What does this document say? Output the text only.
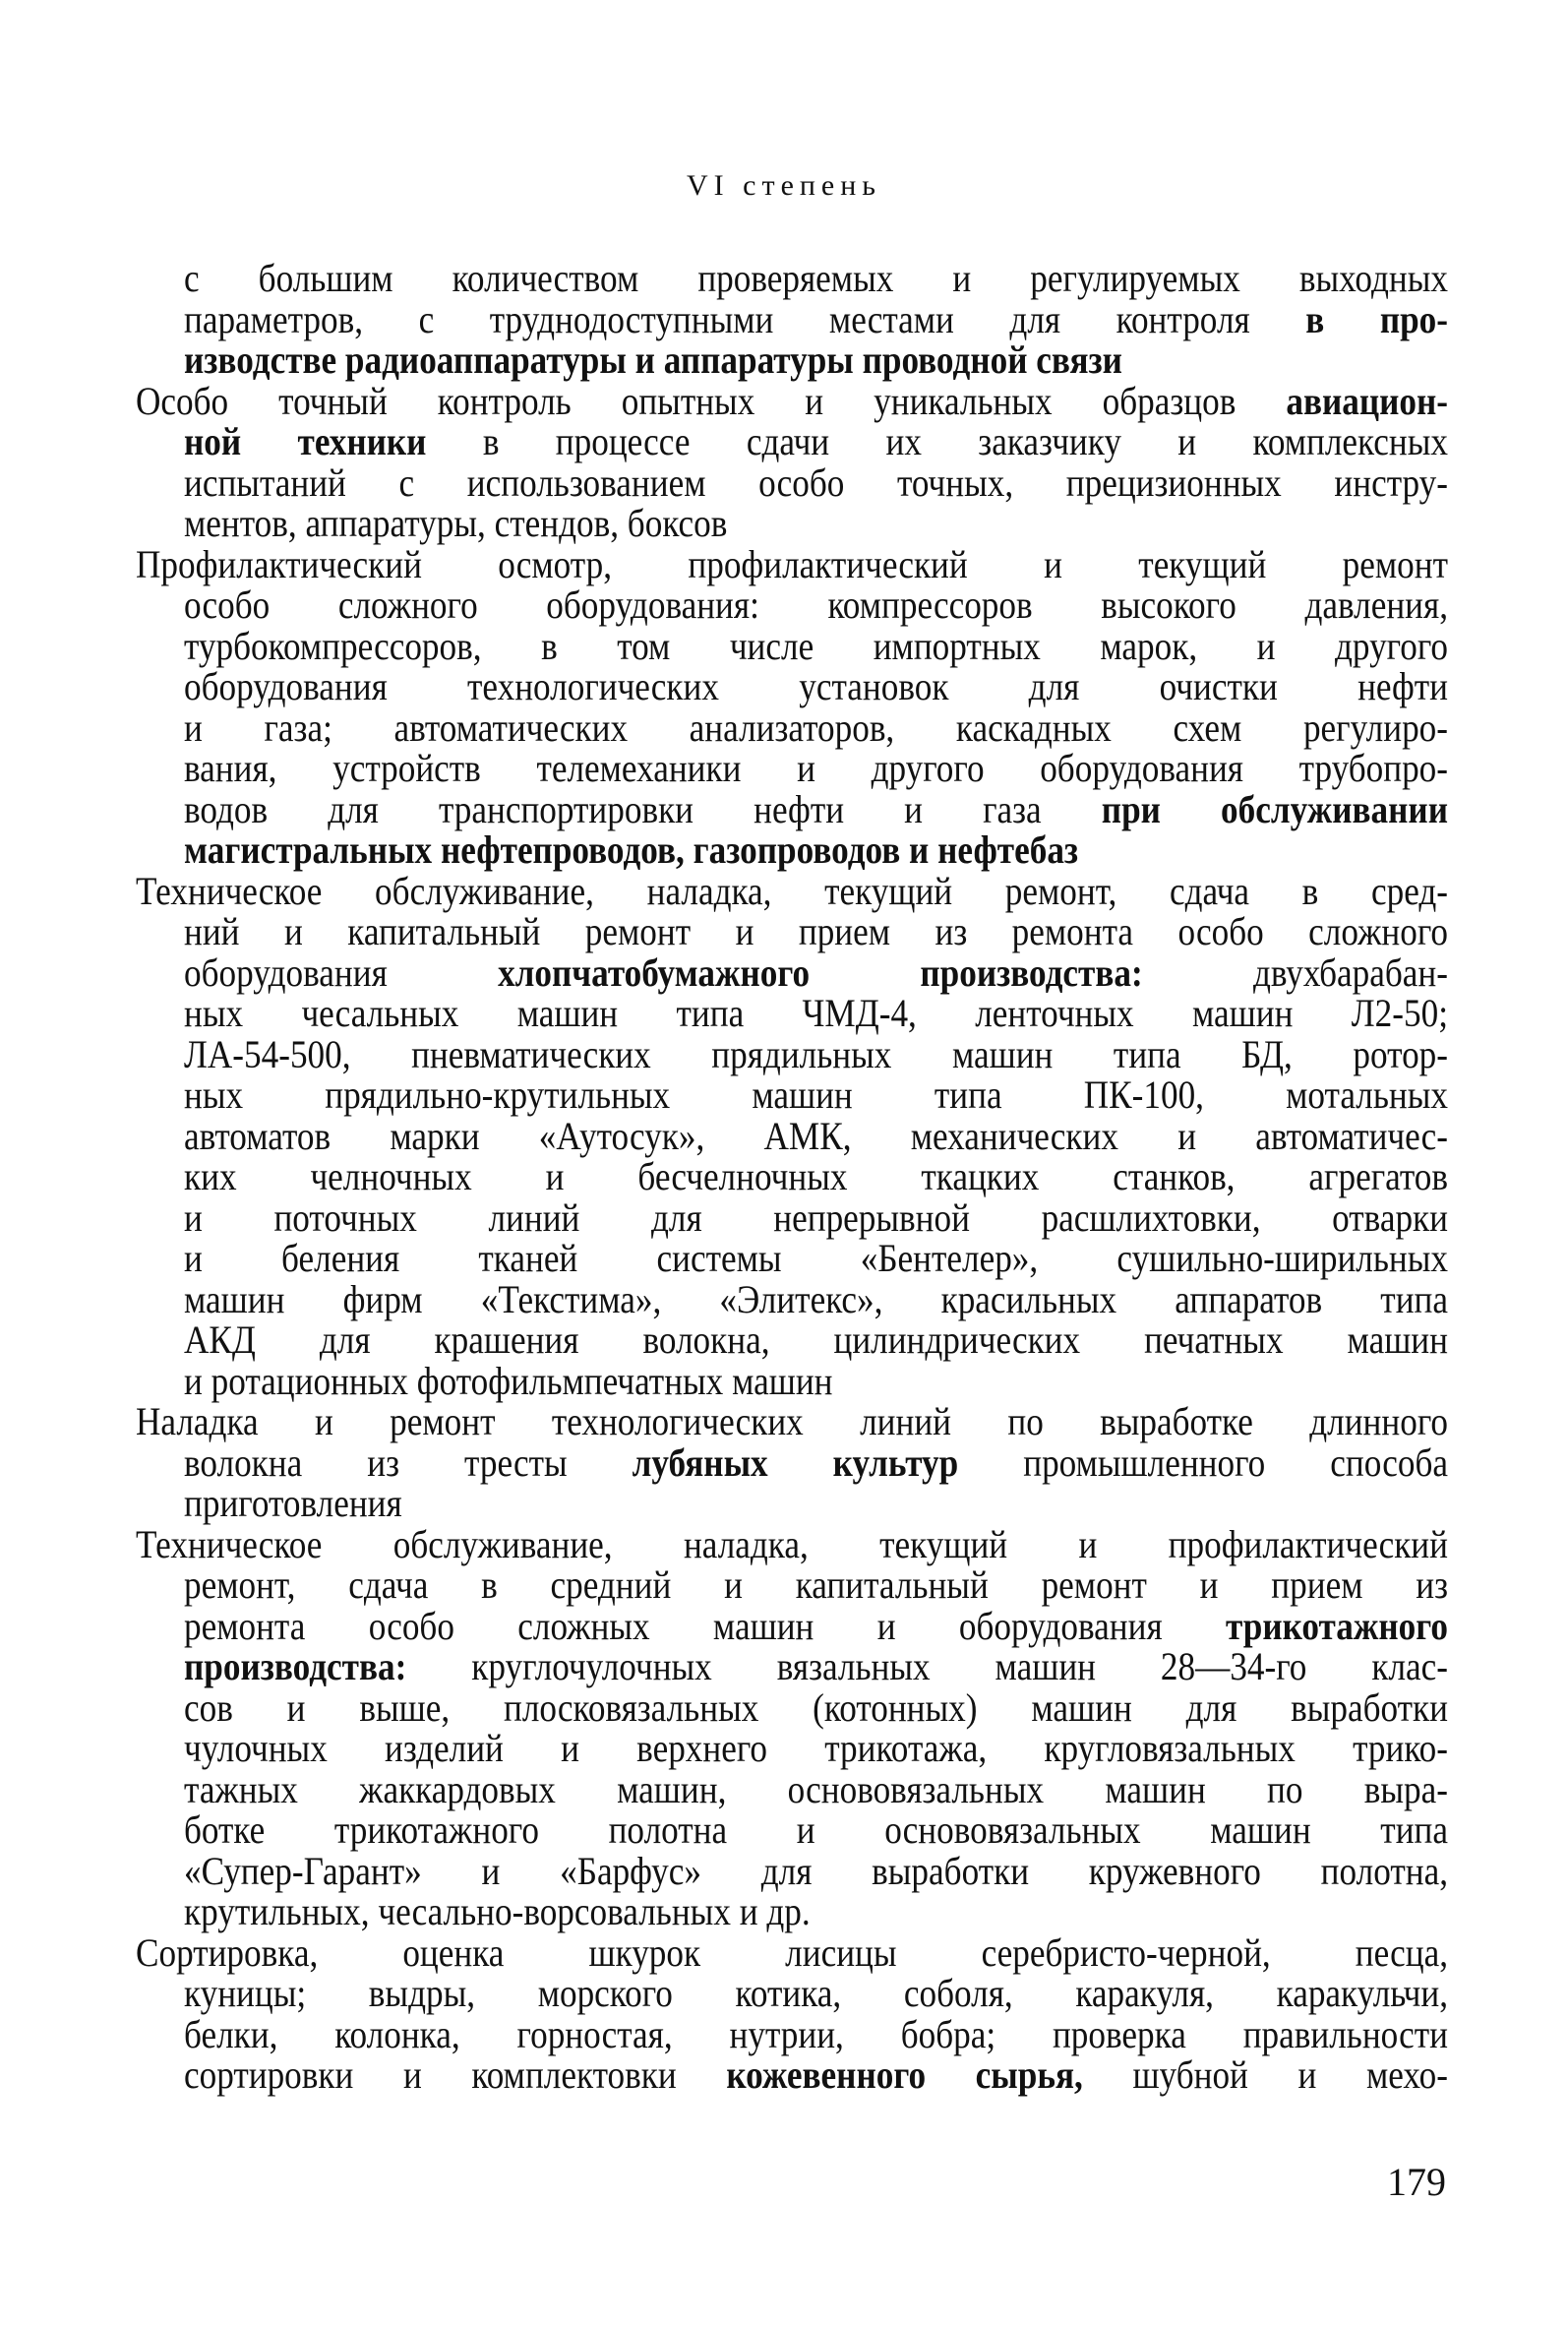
VI степень
с большим количеством проверяемых и регулируемых выходных
параметров, с труднодоступными местами для контроля в про-
изводстве радиоаппаратуры и аппаратуры проводной связи
Особо точный контроль опытных и уникальных образцов авиацион-
ной техники в процессе сдачи их заказчику и комплексных
испытаний с использованием особо точных, прецизионных инстру-
ментов, аппаратуры, стендов, боксов
Профилактический осмотр, профилактический и текущий ремонт
особо сложного оборудования: компрессоров высокого давления,
турбокомпрессоров, в том числе импортных марок, и другого
оборудования технологических установок для очистки нефти
и газа; автоматических анализаторов, каскадных схем регулиро-
вания, устройств телемеханики и другого оборудования трубопро-
водов для транспортировки нефти и газа при обслуживании
магистральных нефтепроводов, газопроводов и нефтебаз
Техническое обслуживание, наладка, текущий ремонт, сдача в сред-
ний и капитальный ремонт и прием из ремонта особо сложного
оборудования хлопчатобумажного производства: двухбарабан-
ных чесальных машин типа ЧМД-4, ленточных машин Л2-50;
ЛА-54-500, пневматических прядильных машин типа БД, ротор-
ных прядильно-крутильных машин типа ПК-100, мотальных
автоматов марки «Аутосук», АМК, механических и автоматичес-
ких челночных и бесчелночных ткацких станков, агрегатов
и поточных линий для непрерывной расшлихтовки, отварки
и беления тканей системы «Бентелер», сушильно-ширильных
машин фирм «Текстима», «Элитекс», красильных аппаратов типа
АКД для крашения волокна, цилиндрических печатных машин
и ротационных фотофильмпечатных машин
Наладка и ремонт технологических линий по выработке длинного
волокна из тресты лубяных культур промышленного способа
приготовления
Техническое обслуживание, наладка, текущий и профилактический
ремонт, сдача в средний и капитальный ремонт и прием из
ремонта особо сложных машин и оборудования трикотажного
производства: круглочулочных вязальных машин 28—34-го клас-
сов и выше, плосковязальных (котонных) машин для выработки
чулочных изделий и верхнего трикотажа, кругловязальных трико-
тажных жаккардовых машин, основовязальных машин по выра-
ботке трикотажного полотна и основовязальных машин типа
«Супер-Гарант» и «Барфус» для выработки кружевного полотна,
крутильных, чесально-ворсовальных и др.
Сортировка, оценка шкурок лисицы серебристо-черной, песца,
куницы; выдры, морского котика, соболя, каракуля, каракульчи,
белки, колонка, горностая, нутрии, бобра; проверка правильности
сортировки и комплектовки кожевенного сырья, шубной и мехо-
179
